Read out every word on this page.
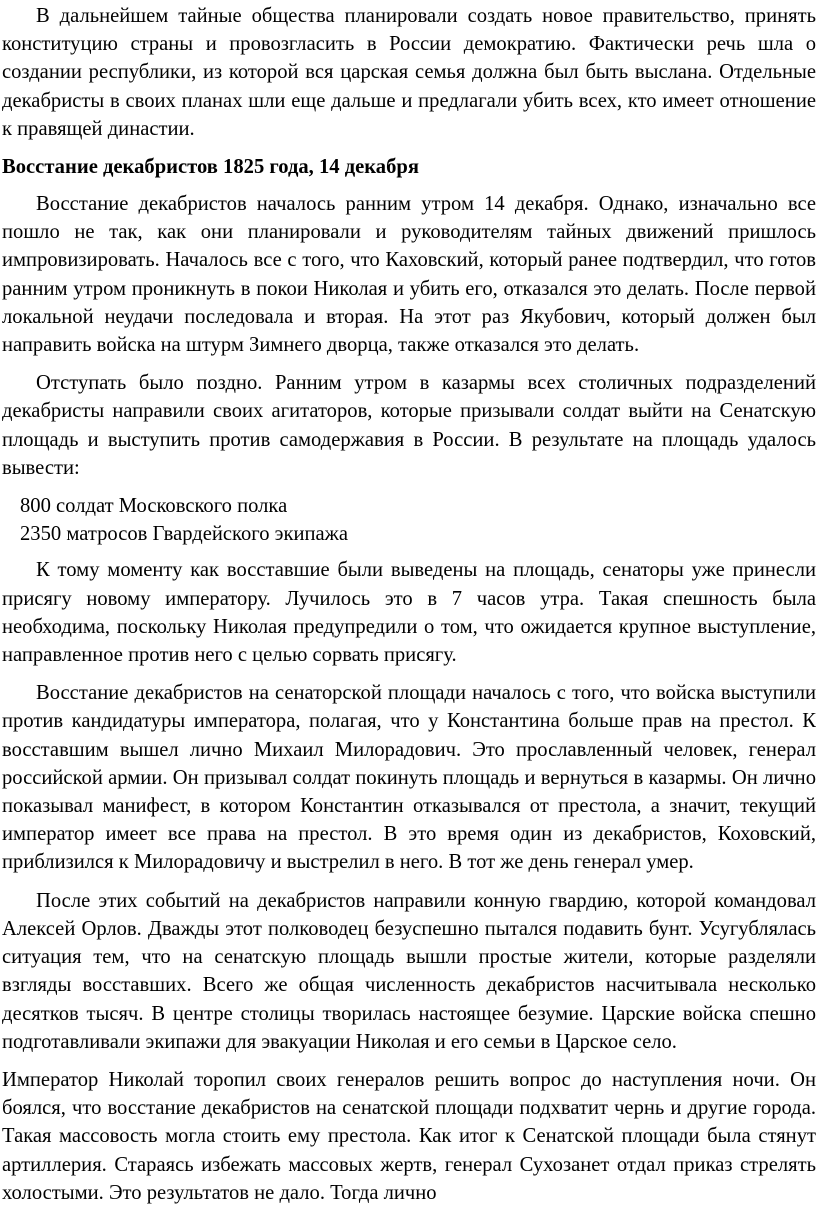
В дальнейшем тайные общества планировали создать новое правительство, принять конституцию страны и провозгласить в России демократию. Фактически речь шла о создании республики, из которой вся царская семья должна был быть выслана. Отдельные декабристы в своих планах шли еще дальше и предлагали убить всех, кто имеет отношение к правящей династии.

Восстание декабристов 1825 года, 14 декабря

Восстание декабристов началось ранним утром 14 декабря. Однако, изначально все пошло не так, как они планировали и руководителям тайных движений пришлось импровизировать. Началось все с того, что Каховский, который ранее подтвердил, что готов ранним утром проникнуть в покои Николая и убить его, отказался это делать. После первой локальной неудачи последовала и вторая. На этот раз Якубович, который должен был направить войска на штурм Зимнего дворца, также отказался это делать.

Отступать было поздно. Ранним утром в казармы всех столичных подразделений декабристы направили своих агитаторов, которые призывали солдат выйти на Сенатскую площадь и выступить против самодержавия в России. В результате на площадь удалось вывести:

800 солдат Московского полка
2350 матросов Гвардейского экипажа

К тому моменту как восставшие были выведены на площадь, сенаторы уже принесли присягу новому императору. Лучилось это в 7 часов утра. Такая спешность была необходима, поскольку Николая предупредили о том, что ожидается крупное выступление, направленное против него с целью сорвать присягу.

Восстание декабристов на сенаторской площади началось с того, что войска выступили против кандидатуры императора, полагая, что у Константина больше прав на престол. К восставшим вышел лично Михаил Милорадович. Это прославленный человек, генерал российской армии. Он призывал солдат покинуть площадь и вернуться в казармы. Он лично показывал манифест, в котором Константин отказывался от престола, а значит, текущий император имеет все права на престол. В это время один из декабристов, Коховский, приблизился к Милорадовичу и выстрелил в него. В тот же день генерал умер.

После этих событий на декабристов направили конную гвардию, которой командовал Алексей Орлов. Дважды этот полководец безуспешно пытался подавить бунт. Усугублялась ситуация тем, что на сенатскую площадь вышли простые жители, которые разделяли взгляды восставших. Всего же общая численность декабристов насчитывала несколько десятков тысяч. В центре столицы творилась настоящее безумие. Царские войска спешно подготавливали экипажи для эвакуации Николая и его семьи в Царское село.

Император Николай торопил своих генералов решить вопрос до наступления ночи. Он боялся, что восстание декабристов на сенатской площади подхватит чернь и другие города. Такая массовость могла стоить ему престола. Как итог к Сенатской площади была стянут артиллерия. Стараясь избежать массовых жертв, генерал Сухозанет отдал приказ стрелять холостыми. Это результатов не дало. Тогда лично
